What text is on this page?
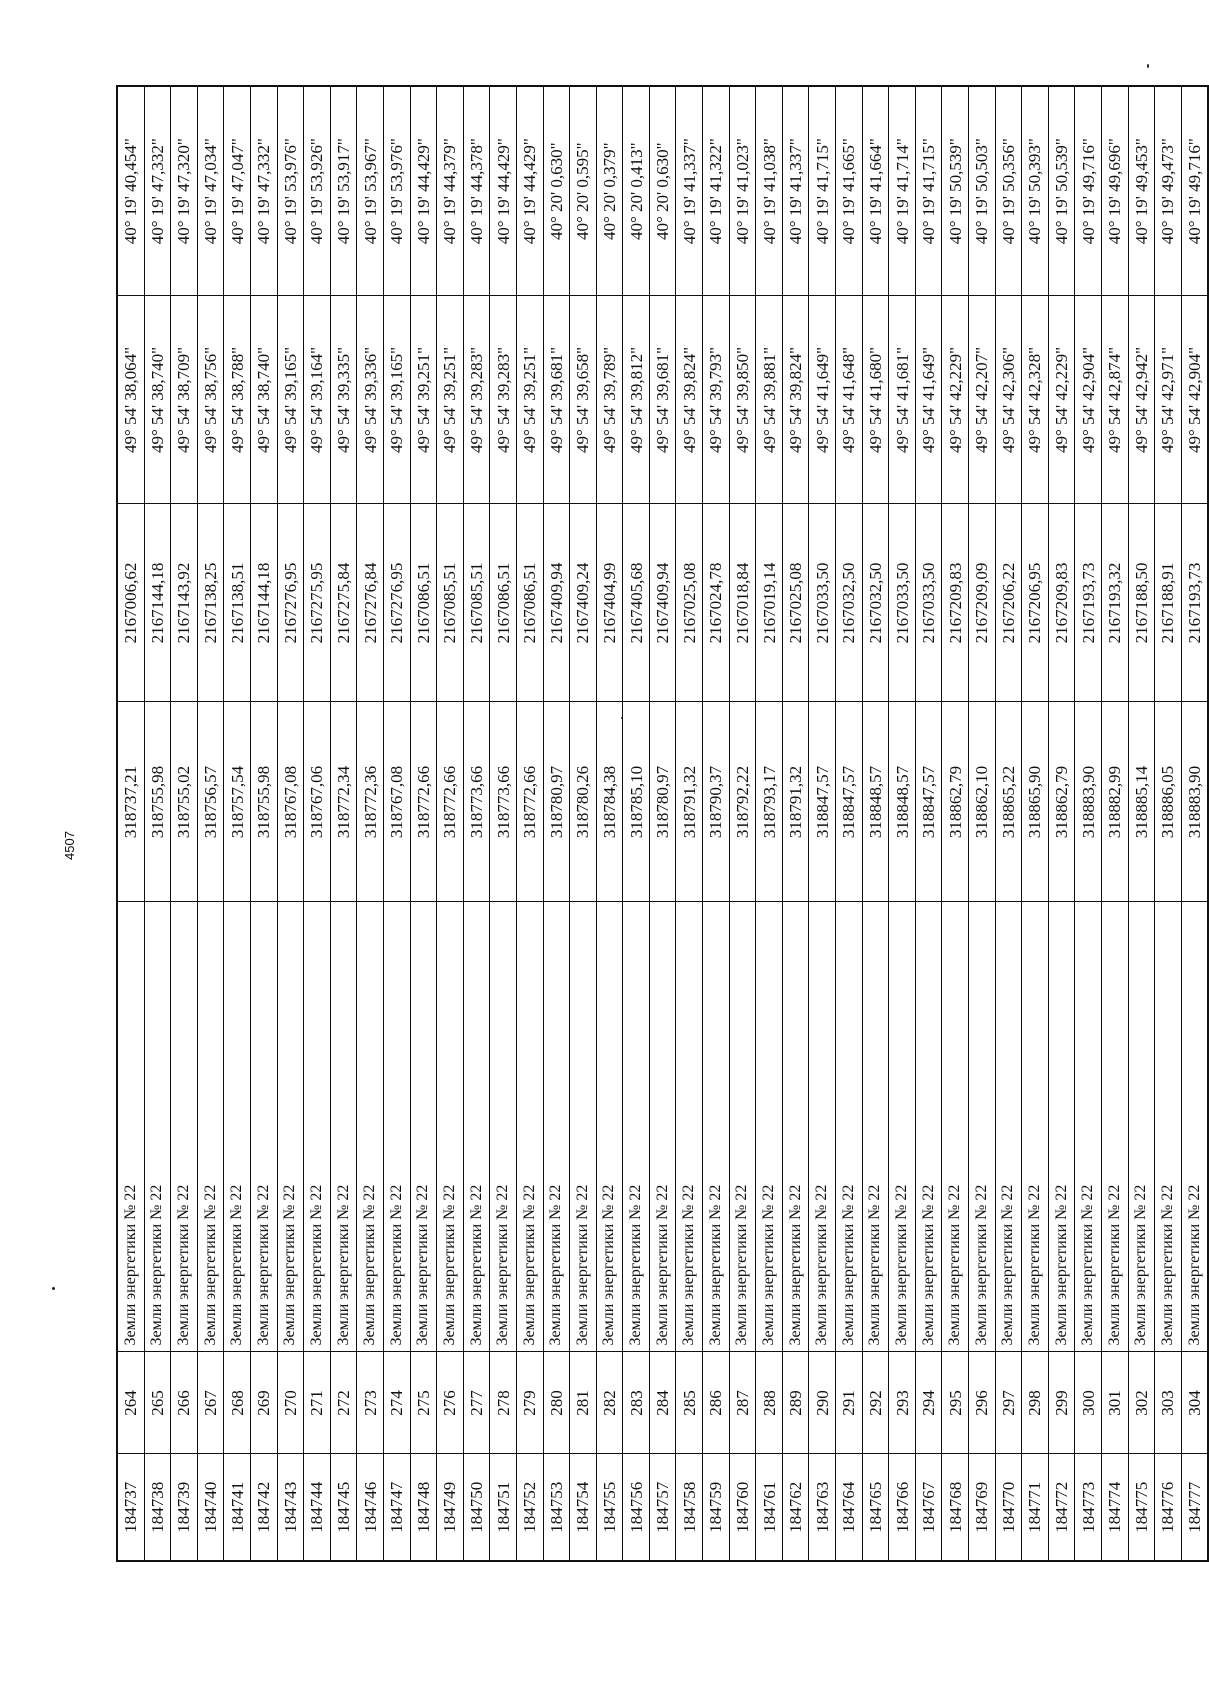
4507
184737	264	Земли энергетики № 22	318737,21	2167006,62	49° 54' 38,064"	40° 19' 40,454"
184738	265	Земли энергетики № 22	318755,98	2167144,18	49° 54' 38,740"	40° 19' 47,332"
184739	266	Земли энергетики № 22	318755,02	2167143,92	49° 54' 38,709"	40° 19' 47,320"
184740	267	Земли энергетики № 22	318756,57	2167138,25	49° 54' 38,756"	40° 19' 47,034"
184741	268	Земли энергетики № 22	318757,54	2167138,51	49° 54' 38,788"	40° 19' 47,047"
184742	269	Земли энергетики № 22	318755,98	2167144,18	49° 54' 38,740"	40° 19' 47,332"
184743	270	Земли энергетики № 22	318767,08	2167276,95	49° 54' 39,165"	40° 19' 53,976"
184744	271	Земли энергетики № 22	318767,06	2167275,95	49° 54' 39,164"	40° 19' 53,926"
184745	272	Земли энергетики № 22	318772,34	2167275,84	49° 54' 39,335"	40° 19' 53,917"
184746	273	Земли энергетики № 22	318772,36	2167276,84	49° 54' 39,336"	40° 19' 53,967"
184747	274	Земли энергетики № 22	318767,08	2167276,95	49° 54' 39,165"	40° 19' 53,976"
184748	275	Земли энергетики № 22	318772,66	2167086,51	49° 54' 39,251"	40° 19' 44,429"
184749	276	Земли энергетики № 22	318772,66	2167085,51	49° 54' 39,251"	40° 19' 44,379"
184750	277	Земли энергетики № 22	318773,66	2167085,51	49° 54' 39,283"	40° 19' 44,378"
184751	278	Земли энергетики № 22	318773,66	2167086,51	49° 54' 39,283"	40° 19' 44,429"
184752	279	Земли энергетики № 22	318772,66	2167086,51	49° 54' 39,251"	40° 19' 44,429"
184753	280	Земли энергетики № 22	318780,97	2167409,94	49° 54' 39,681"	40° 20' 0,630"
184754	281	Земли энергетики № 22	318780,26	2167409,24	49° 54' 39,658"	40° 20' 0,595"
184755	282	Земли энергетики № 22	318784,38	2167404,99	49° 54' 39,789"	40° 20' 0,379"
184756	283	Земли энергетики № 22	318785,10	2167405,68	49° 54' 39,812"	40° 20' 0,413"
184757	284	Земли энергетики № 22	318780,97	2167409,94	49° 54' 39,681"	40° 20' 0,630"
184758	285	Земли энергетики № 22	318791,32	2167025,08	49° 54' 39,824"	40° 19' 41,337"
184759	286	Земли энергетики № 22	318790,37	2167024,78	49° 54' 39,793"	40° 19' 41,322"
184760	287	Земли энергетики № 22	318792,22	2167018,84	49° 54' 39,850"	40° 19' 41,023"
184761	288	Земли энергетики № 22	318793,17	2167019,14	49° 54' 39,881"	40° 19' 41,038"
184762	289	Земли энергетики № 22	318791,32	2167025,08	49° 54' 39,824"	40° 19' 41,337"
184763	290	Земли энергетики № 22	318847,57	2167033,50	49° 54' 41,649"	40° 19' 41,715"
184764	291	Земли энергетики № 22	318847,57	2167032,50	49° 54' 41,648"	40° 19' 41,665"
184765	292	Земли энергетики № 22	318848,57	2167032,50	49° 54' 41,680"	40° 19' 41,664"
184766	293	Земли энергетики № 22	318848,57	2167033,50	49° 54' 41,681"	40° 19' 41,714"
184767	294	Земли энергетики № 22	318847,57	2167033,50	49° 54' 41,649"	40° 19' 41,715"
184768	295	Земли энергетики № 22	318862,79	2167209,83	49° 54' 42,229"	40° 19' 50,539"
184769	296	Земли энергетики № 22	318862,10	2167209,09	49° 54' 42,207"	40° 19' 50,503"
184770	297	Земли энергетики № 22	318865,22	2167206,22	49° 54' 42,306"	40° 19' 50,356"
184771	298	Земли энергетики № 22	318865,90	2167206,95	49° 54' 42,328"	40° 19' 50,393"
184772	299	Земли энергетики № 22	318862,79	2167209,83	49° 54' 42,229"	40° 19' 50,539"
184773	300	Земли энергетики № 22	318883,90	2167193,73	49° 54' 42,904"	40° 19' 49,716"
184774	301	Земли энергетики № 22	318882,99	2167193,32	49° 54' 42,874"	40° 19' 49,696"
184775	302	Земли энергетики № 22	318885,14	2167188,50	49° 54' 42,942"	40° 19' 49,453"
184776	303	Земли энергетики № 22	318886,05	2167188,91	49° 54' 42,971"	40° 19' 49,473"
184777	304	Земли энергетики № 22	318883,90	2167193,73	49° 54' 42,904"	40° 19' 49,716"
